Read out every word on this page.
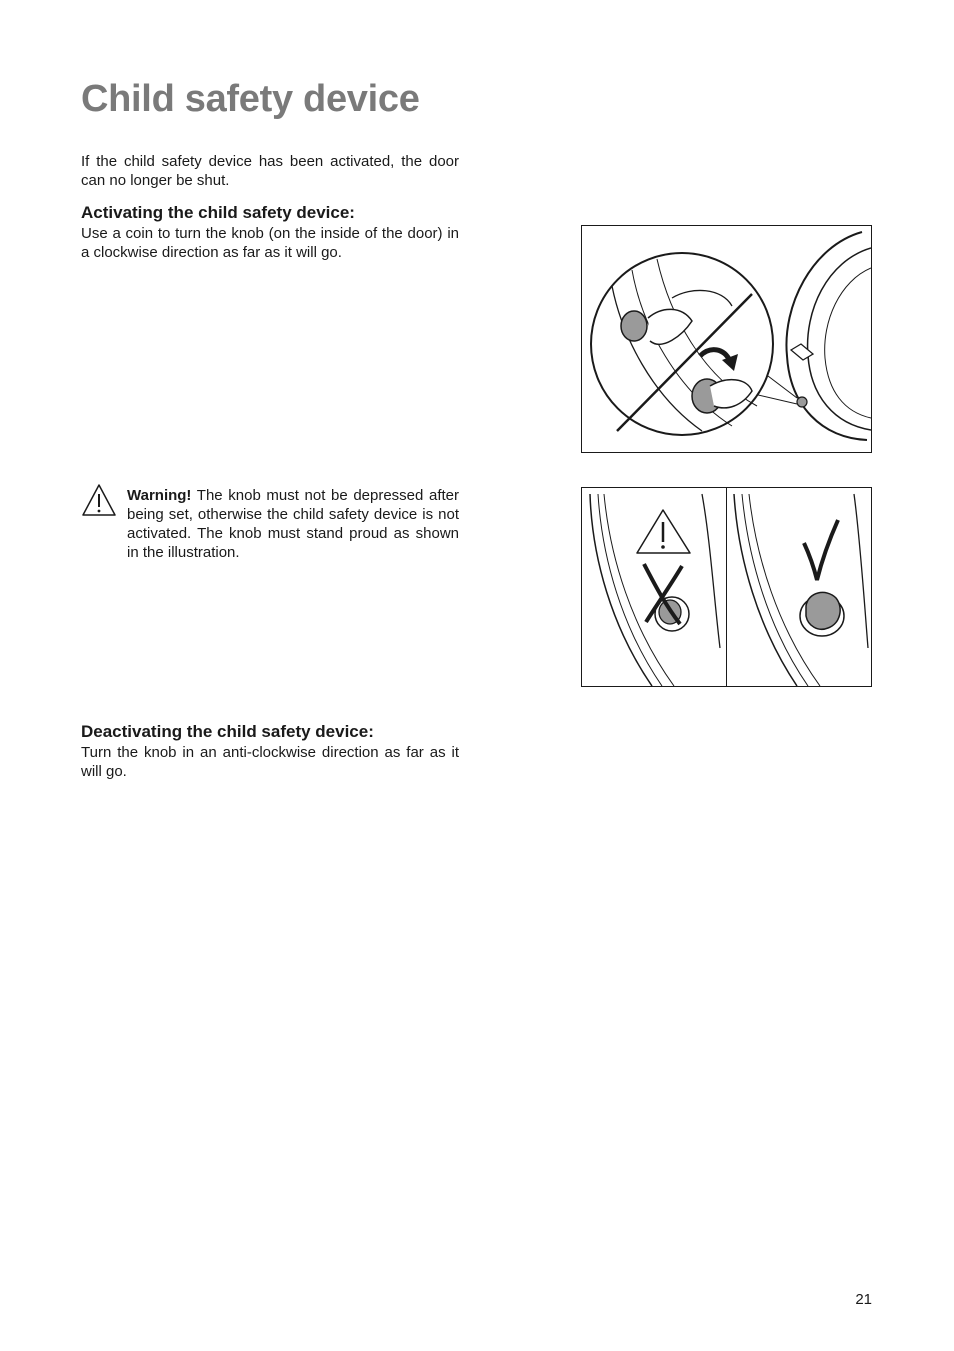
Child safety device

If the child safety device has been activated, the door can no longer be shut.

Activating the child safety device:

Use a coin to turn the knob (on the inside of the door) in a clockwise direction as far as it will go.

Warning! The knob must not be depressed after being set, otherwise the child safety device is not activated. The knob must stand proud as shown in the illustration.

Deactivating the child safety device:

Turn the knob in an anti-clockwise direction as far as it will go.

21
